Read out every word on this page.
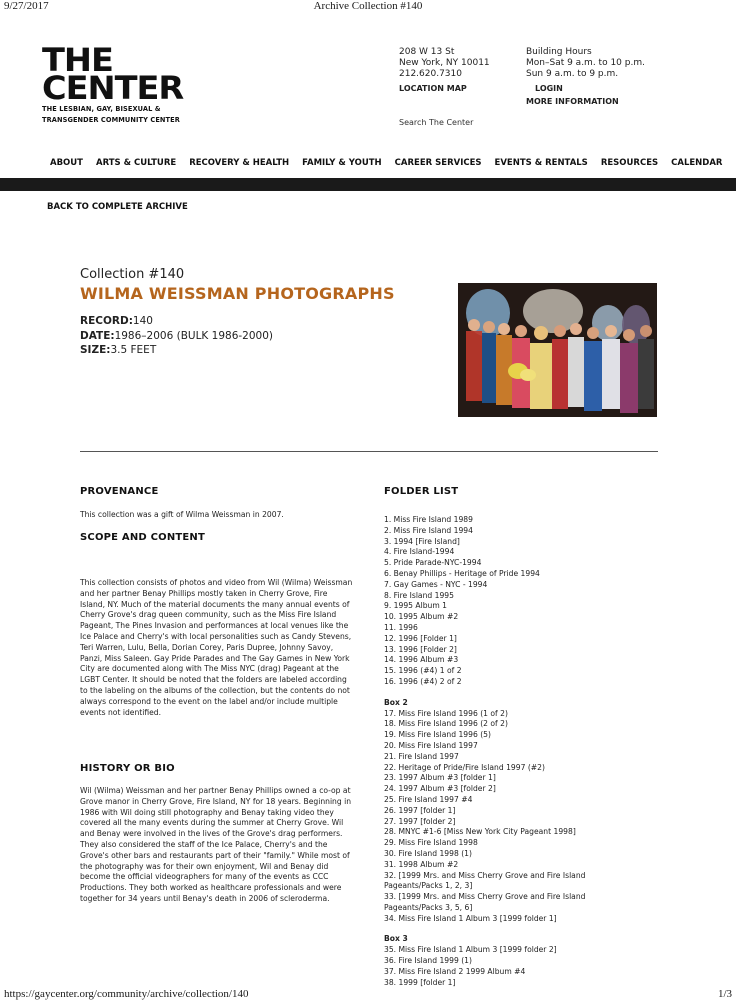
9/27/2017	Archive Collection #140
https://gaycenter.org/community/archive/collection/140	1/3
THE
CENTER
THE LESBIAN, GAY, BISEXUAL &
TRANSGENDER COMMUNITY CENTER
208 W 13 St
New York, NY 10011
212.620.7310
LOCATION MAP
Building Hours
Mon–Sat 9 a.m. to 10 p.m.
Sun 9 a.m. to 9 p.m.
LOGIN
MORE INFORMATION
Search The Center
ABOUT ARTS & CULTURE RECOVERY & HEALTH FAMILY & YOUTH CAREER SERVICES EVENTS & RENTALS RESOURCES CALENDAR
BACK TO COMPLETE ARCHIVE
Collection #140
WILMA WEISSMAN PHOTOGRAPHS
RECORD:140
DATE:1986–2006 (BULK 1986-2000)
SIZE:3.5 FEET
PROVENANCE
This collection was a gift of Wilma Weissman in 2007.
SCOPE AND CONTENT
This collection consists of photos and video from Wil (Wilma) Weissman and her partner Benay Phillips mostly taken in Cherry Grove, Fire Island, NY. Much of the material documents the many annual events of Cherry Grove's drag queen community, such as the Miss Fire Island Pageant, The Pines Invasion and performances at local venues like the Ice Palace and Cherry's with local personalities such as Candy Stevens, Teri Warren, Lulu, Bella, Dorian Corey, Paris Dupree, Johnny Savoy, Panzi, Miss Saleen. Gay Pride Parades and The Gay Games in New York City are documented along with The Miss NYC (drag) Pageant at the LGBT Center. It should be noted that the folders are labeled according to the labeling on the albums of the collection, but the contents do not always correspond to the event on the label and/or include multiple events not identified.
HISTORY OR BIO
Wil (Wilma) Weissman and her partner Benay Phillips owned a co-op at Grove manor in Cherry Grove, Fire Island, NY for 18 years. Beginning in 1986 with Wil doing still photography and Benay taking video they covered all the many events during the summer at Cherry Grove. Wil and Benay were involved in the lives of the Grove's drag performers. They also considered the staff of the Ice Palace, Cherry's and the Grove's other bars and restaurants part of their "family." While most of the photography was for their own enjoyment, Wil and Benay did become the official videographers for many of the events as CCC Productions. They both worked as healthcare professionals and were together for 34 years until Benay's death in 2006 of scleroderma.
FOLDER LIST
1. Miss Fire Island 1989
2. Miss Fire Island 1994
3. 1994 [Fire Island]
4. Fire Island-1994
5. Pride Parade-NYC-1994
6. Benay Phillips - Heritage of Pride 1994
7. Gay Games - NYC - 1994
8. Fire Island 1995
9. 1995 Album 1
10. 1995 Album #2
11. 1996
12. 1996 [Folder 1]
13. 1996 [Folder 2]
14. 1996 Album #3
15. 1996 (#4) 1 of 2
16. 1996 (#4) 2 of 2
Box 2
17. Miss Fire Island 1996 (1 of 2)
18. Miss Fire Island 1996 (2 of 2)
19. Miss Fire Island 1996 (5)
20. Miss Fire Island 1997
21. Fire Island 1997
22. Heritage of Pride/Fire Island 1997 (#2)
23. 1997 Album #3 [folder 1]
24. 1997 Album #3 [folder 2]
25. Fire Island 1997 #4
26. 1997 [folder 1]
27. 1997 [folder 2]
28. MNYC #1-6 [Miss New York City Pageant 1998]
29. Miss Fire Island 1998
30. Fire Island 1998 (1)
31. 1998 Album #2
32. [1999 Mrs. and Miss Cherry Grove and Fire Island
Pageants/Packs 1, 2, 3]
33. [1999 Mrs. and Miss Cherry Grove and Fire Island
Pageants/Packs 3, 5, 6]
34. Miss Fire Island 1 Album 3 [1999 folder 1]
Box 3
35. Miss Fire Island 1 Album 3 [1999 folder 2]
36. Fire Island 1999 (1)
37. Miss Fire Island 2 1999 Album #4
38. 1999 [folder 1]
